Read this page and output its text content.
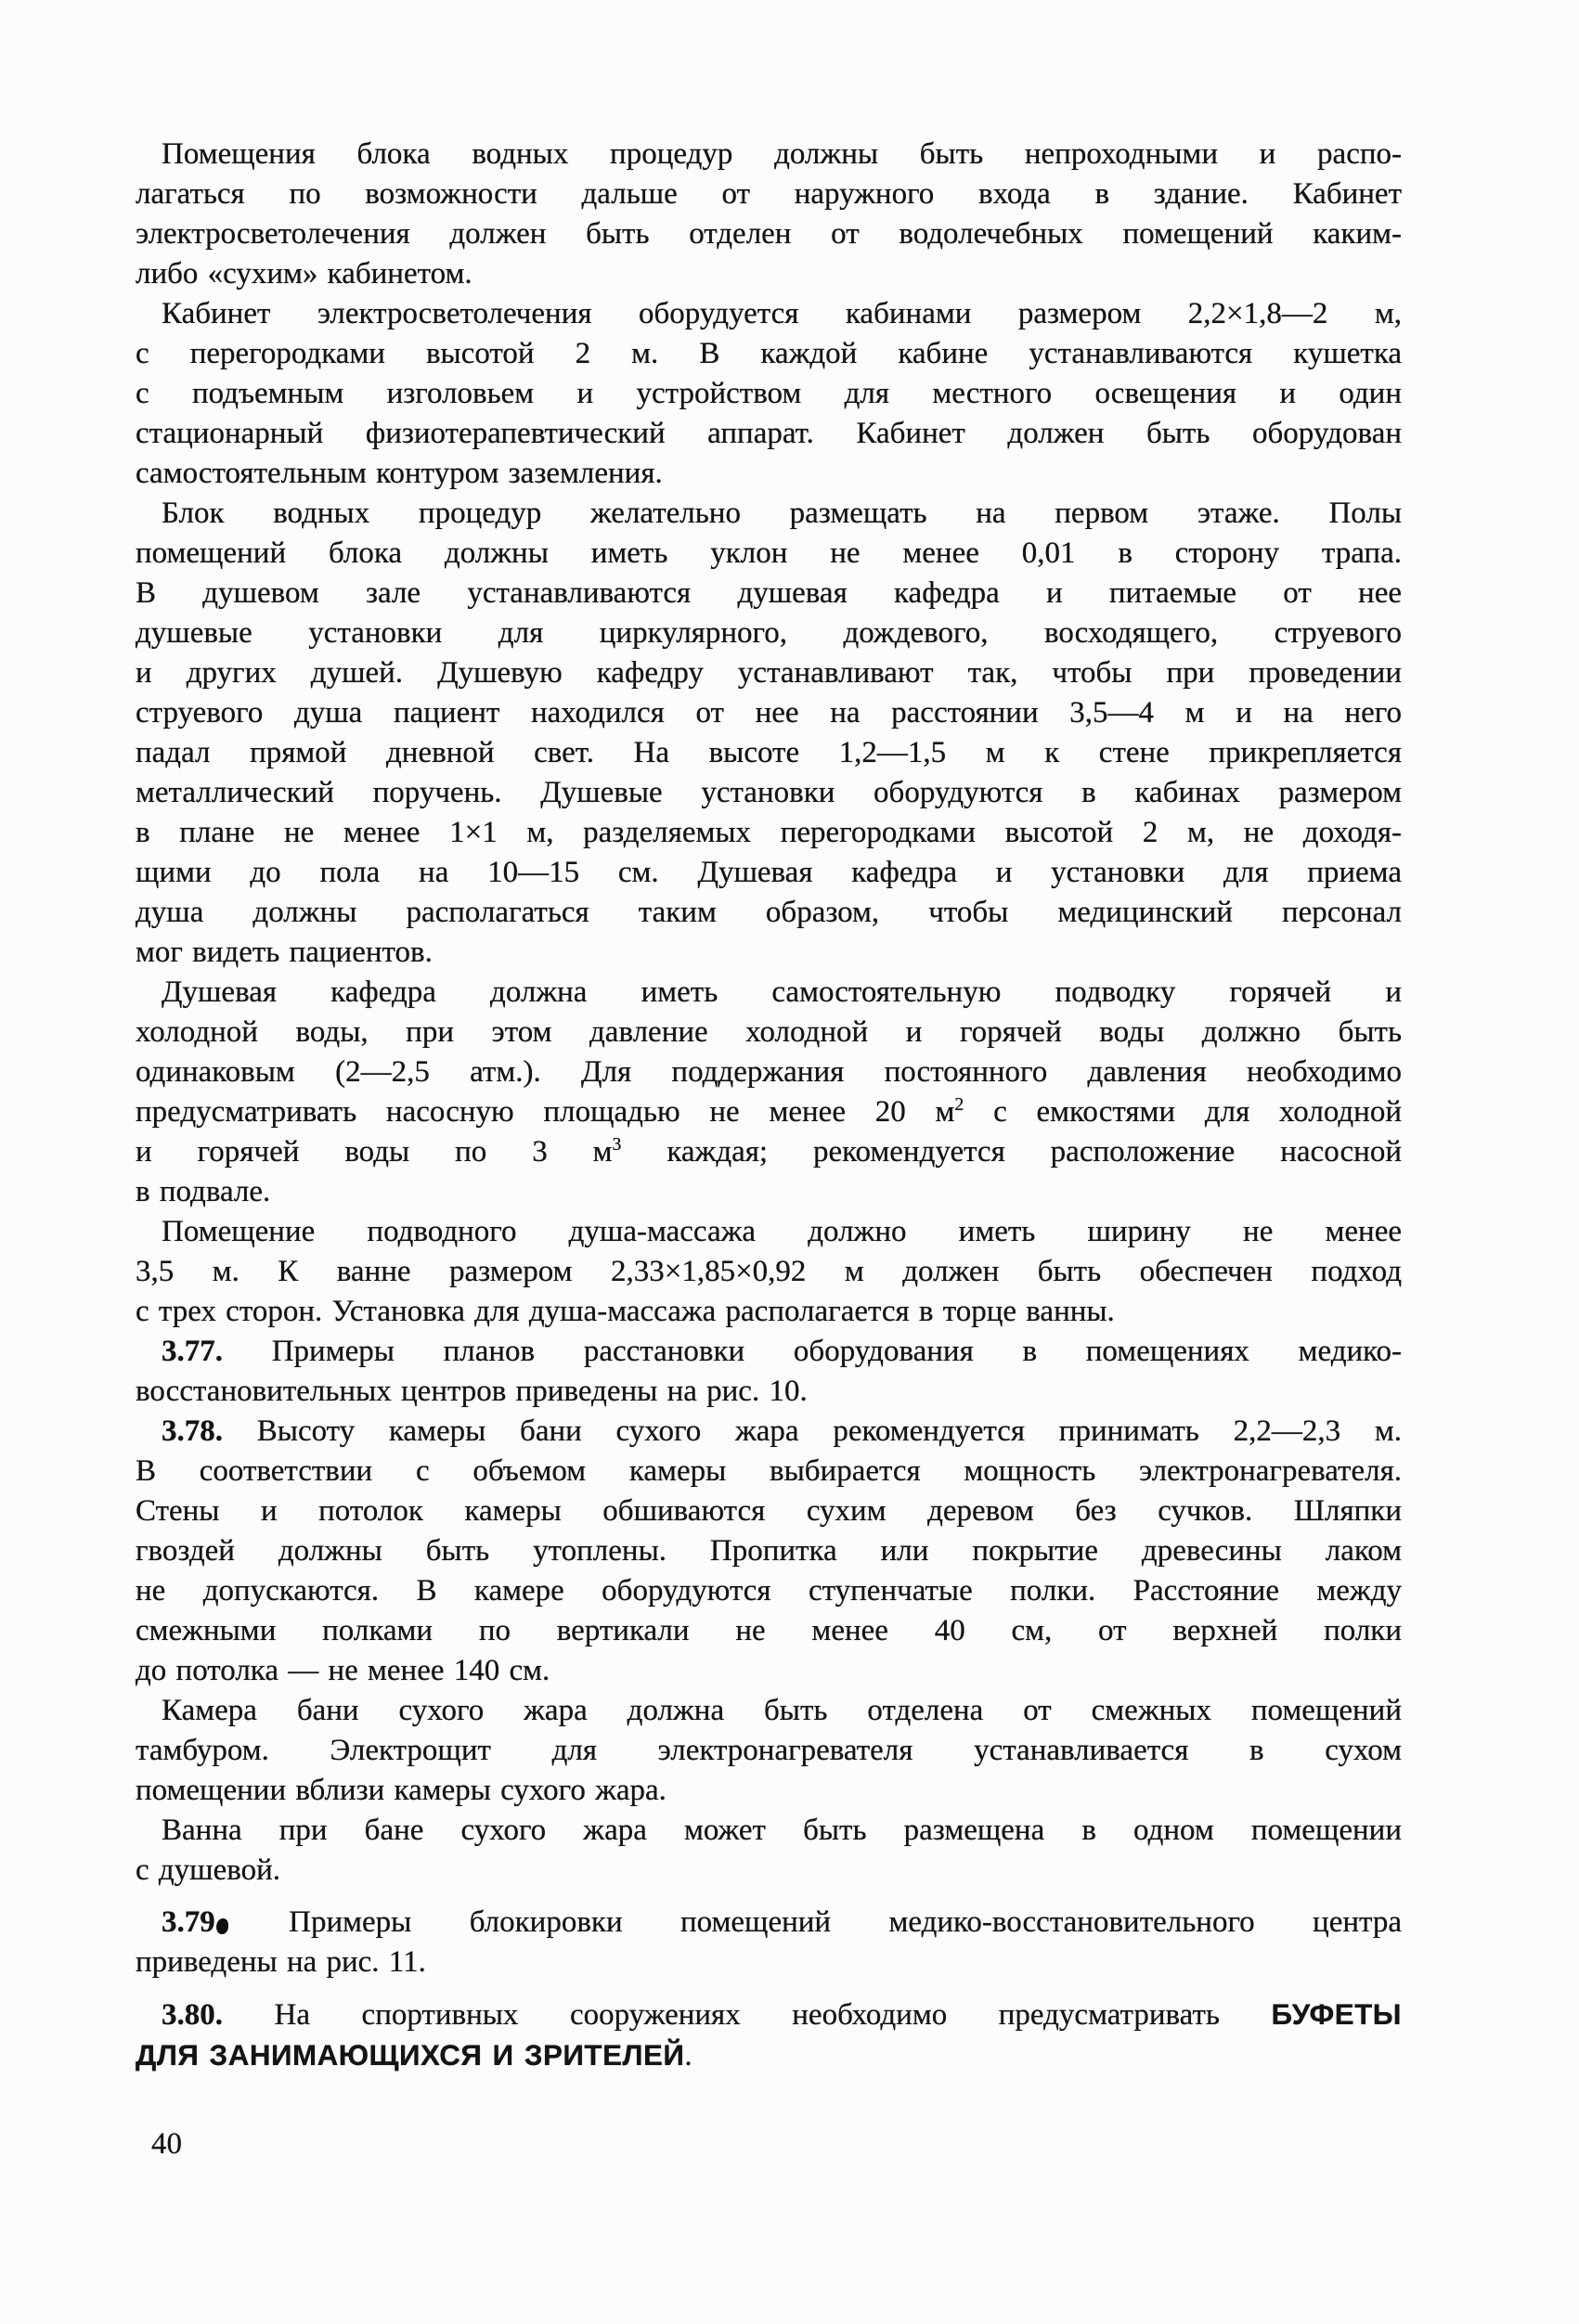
Помещения блока водных процедур должны быть непроходными и распо-
лагаться по возможности дальше от наружного входа в здание. Кабинет
электросветолечения должен быть отделен от водолечебных помещений каким-
либо «сухим» кабинетом.
Кабинет электросветолечения оборудуется кабинами размером 2,2×1,8—2 м,
с перегородками высотой 2 м. В каждой кабине устанавливаются кушетка
с подъемным изголовьем и устройством для местного освещения и один
стационарный физиотерапевтический аппарат. Кабинет должен быть оборудован
самостоятельным контуром заземления.
Блок водных процедур желательно размещать на первом этаже. Полы
помещений блока должны иметь уклон не менее 0,01 в сторону трапа.
В душевом зале устанавливаются душевая кафедра и питаемые от нее
душевые установки для циркулярного, дождевого, восходящего, струевого
и других душей. Душевую кафедру устанавливают так, чтобы при проведении
струевого душа пациент находился от нее на расстоянии 3,5—4 м и на него
падал прямой дневной свет. На высоте 1,2—1,5 м к стене прикрепляется
металлический поручень. Душевые установки оборудуются в кабинах размером
в плане не менее 1×1 м, разделяемых перегородками высотой 2 м, не доходя-
щими до пола на 10—15 см. Душевая кафедра и установки для приема
душа должны располагаться таким образом, чтобы медицинский персонал
мог видеть пациентов.
Душевая кафедра должна иметь самостоятельную подводку горячей и
холодной воды, при этом давление холодной и горячей воды должно быть
одинаковым (2—2,5 атм.). Для поддержания постоянного давления необходимо
предусматривать насосную площадью не менее 20 $м^2$ с емкостями для холодной
и горячей воды по 3 $м^3$ каждая; рекомендуется расположение насосной
в подвале.
Помещение подводного душа-массажа должно иметь ширину не менее
3,5 м. К ванне размером 2,33×1,85×0,92 м должен быть обеспечен подход
с трех сторон. Установка для душа-массажа располагается в торце ванны.
3.77. Примеры планов расстановки оборудования в помещениях медико-
восстановительных центров приведены на рис. 10.
3.78. Высоту камеры бани сухого жара рекомендуется принимать 2,2—2,3 м.
В соответствии с объемом камеры выбирается мощность электронагревателя.
Стены и потолок камеры обшиваются сухим деревом без сучков. Шляпки
гвоздей должны быть утоплены. Пропитка или покрытие древесины лаком
не допускаются. В камере оборудуются ступенчатые полки. Расстояние между
смежными полками по вертикали не менее 40 см, от верхней полки
до потолка — не менее 140 см.
Камера бани сухого жара должна быть отделена от смежных помещений
тамбуром. Электрощит для электронагревателя устанавливается в сухом
помещении вблизи камеры сухого жара.
Ванна при бане сухого жара может быть размещена в одном помещении
с душевой.
3.79 Примеры блокировки помещений медико-восстановительного центра
приведены на рис. 11.
3.80. На спортивных сооружениях необходимо предусматривать БУФЕТЫ
ДЛЯ ЗАНИМАЮЩИХСЯ И ЗРИТЕЛЕЙ.
40
